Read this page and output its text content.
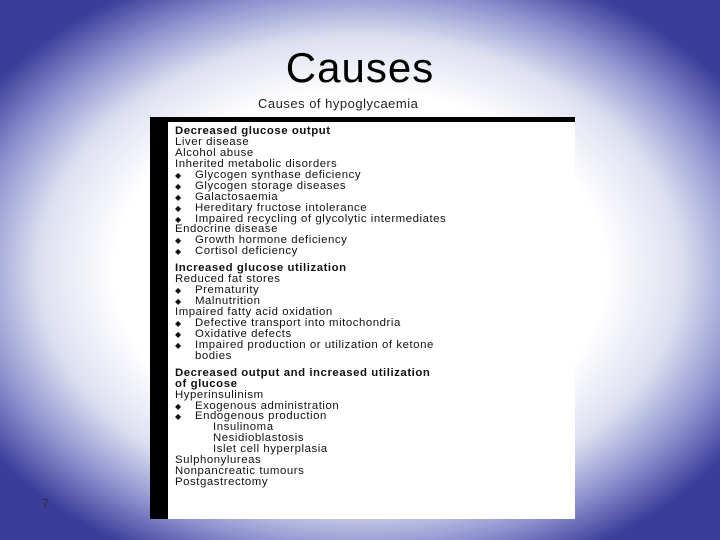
Causes
Causes of hypoglycaemia
Decreased glucose output
Liver disease
Alcohol abuse
Inherited metabolic disorders
◆ Glycogen synthase deficiency
◆ Glycogen storage diseases
◆ Galactosaemia
◆ Hereditary fructose intolerance
◆ Impaired recycling of glycolytic intermediates
Endocrine disease
◆ Growth hormone deficiency
◆ Cortisol deficiency
Increased glucose utilization
Reduced fat stores
◆ Prematurity
◆ Malnutrition
Impaired fatty acid oxidation
◆ Defective transport into mitochondria
◆ Oxidative defects
◆ Impaired production or utilization of ketone
bodies
Decreased output and increased utilization
of glucose
Hyperinsulinism
◆ Exogenous administration
◆ Endogenous production
Insulinoma
Nesidioblastosis
Islet cell hyperplasia
Sulphonylureas
Nonpancreatic tumours
Postgastrectomy
7
